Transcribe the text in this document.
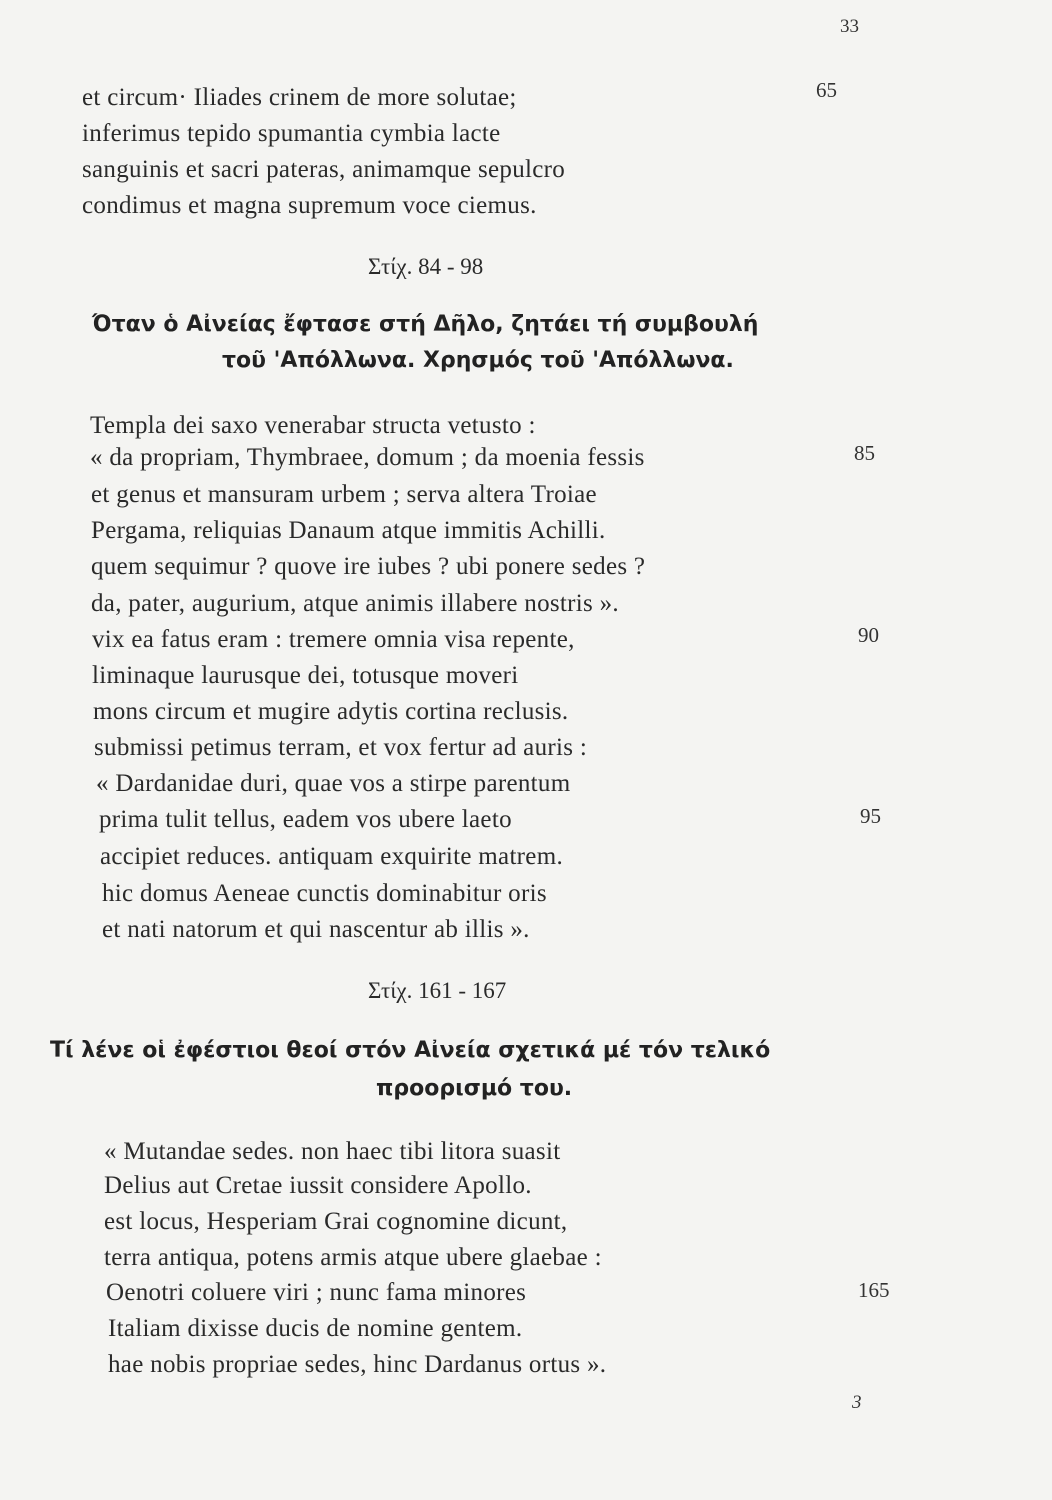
33
et circum· Iliades crinem de more solutae;
inferimus tepido spumantia cymbia lacte
sanguinis et sacri pateras, animamque sepulcro
condimus et magna supremum voce ciemus.
65
Στίχ. 84 - 98
Όταν ὁ Αἰνείας ἔφτασε στή Δῆλο, ζητάει τή συμβουλή
τοῦ 'Απόλλωνα. Χρησμός τοῦ 'Απόλλωνα.
Templa dei saxo venerabar structa vetusto :
« da propriam, Thymbraee, domum ; da moenia fessis
et genus et mansuram urbem ; serva altera Troiae
Pergama, reliquias Danaum atque immitis Achilli.
quem sequimur ? quove ire iubes ? ubi ponere sedes ?
da, pater, augurium, atque animis illabere nostris ».
vix ea fatus eram : tremere omnia visa repente,
liminaque laurusque dei, totusque moveri
mons circum et mugire adytis cortina reclusis.
submissi petimus terram, et vox fertur ad auris :
« Dardanidae duri, quae vos a stirpe parentum
prima tulit tellus, eadem vos ubere laeto
accipiet reduces. antiquam exquirite matrem.
hic domus Aeneae cunctis dominabitur oris
et nati natorum et qui nascentur ab illis ».
85
90
95
Στίχ. 161 - 167
Τί λένε οἱ ἐφέστιοι θεοί στόν Αἰνεία σχετικά μέ τόν τελικό
προορισμό του.
« Mutandae sedes. non haec tibi litora suasit
Delius aut Cretae iussit considere Apollo.
est locus, Hesperiam Grai cognomine dicunt,
terra antiqua, potens armis atque ubere glaebae :
Oenotri coluere viri ; nunc fama minores
Italiam dixisse ducis de nomine gentem.
hae nobis propriae sedes, hinc Dardanus ortus ».
165
3
